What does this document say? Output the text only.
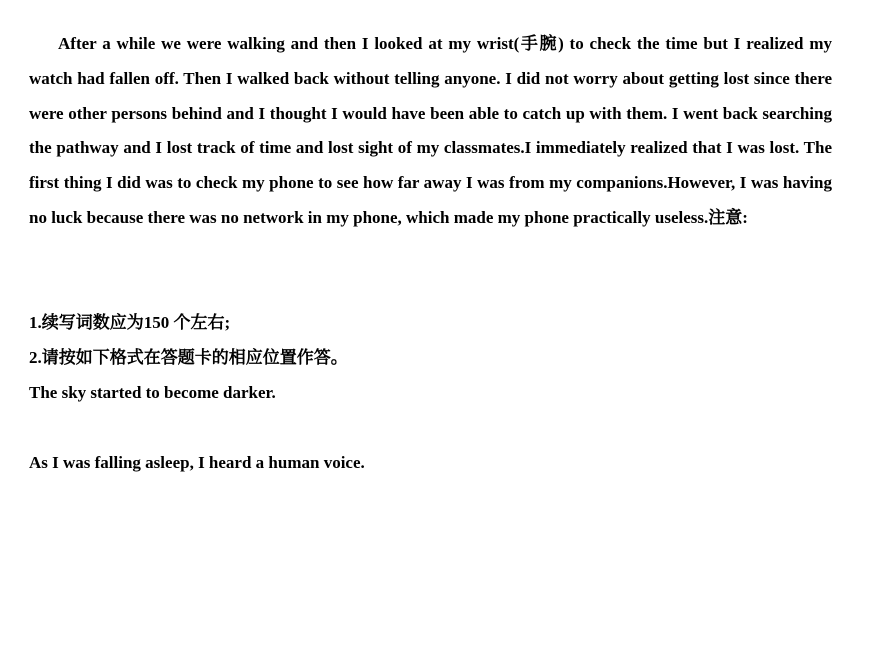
After a while we were walking and then I looked at my wrist(手腕) to check the time but I realized my watch had fallen off. Then I walked back without telling anyone. I did not worry about getting lost since there were other persons behind and I thought I would have been able to catch up with them. I went back searching the pathway and I lost track of time and lost sight of my classmates.I immediately realized that I was lost. The first thing I did was to check my phone to see how far away I was from my companions.However, I was having no luck because there was no network in my phone, which made my phone practically useless.注意:

1.续写词数应为150 个左右;

2.请按如下格式在答题卡的相应位置作答。

The sky started to become darker.

As I was falling asleep, I heard a human voice.
